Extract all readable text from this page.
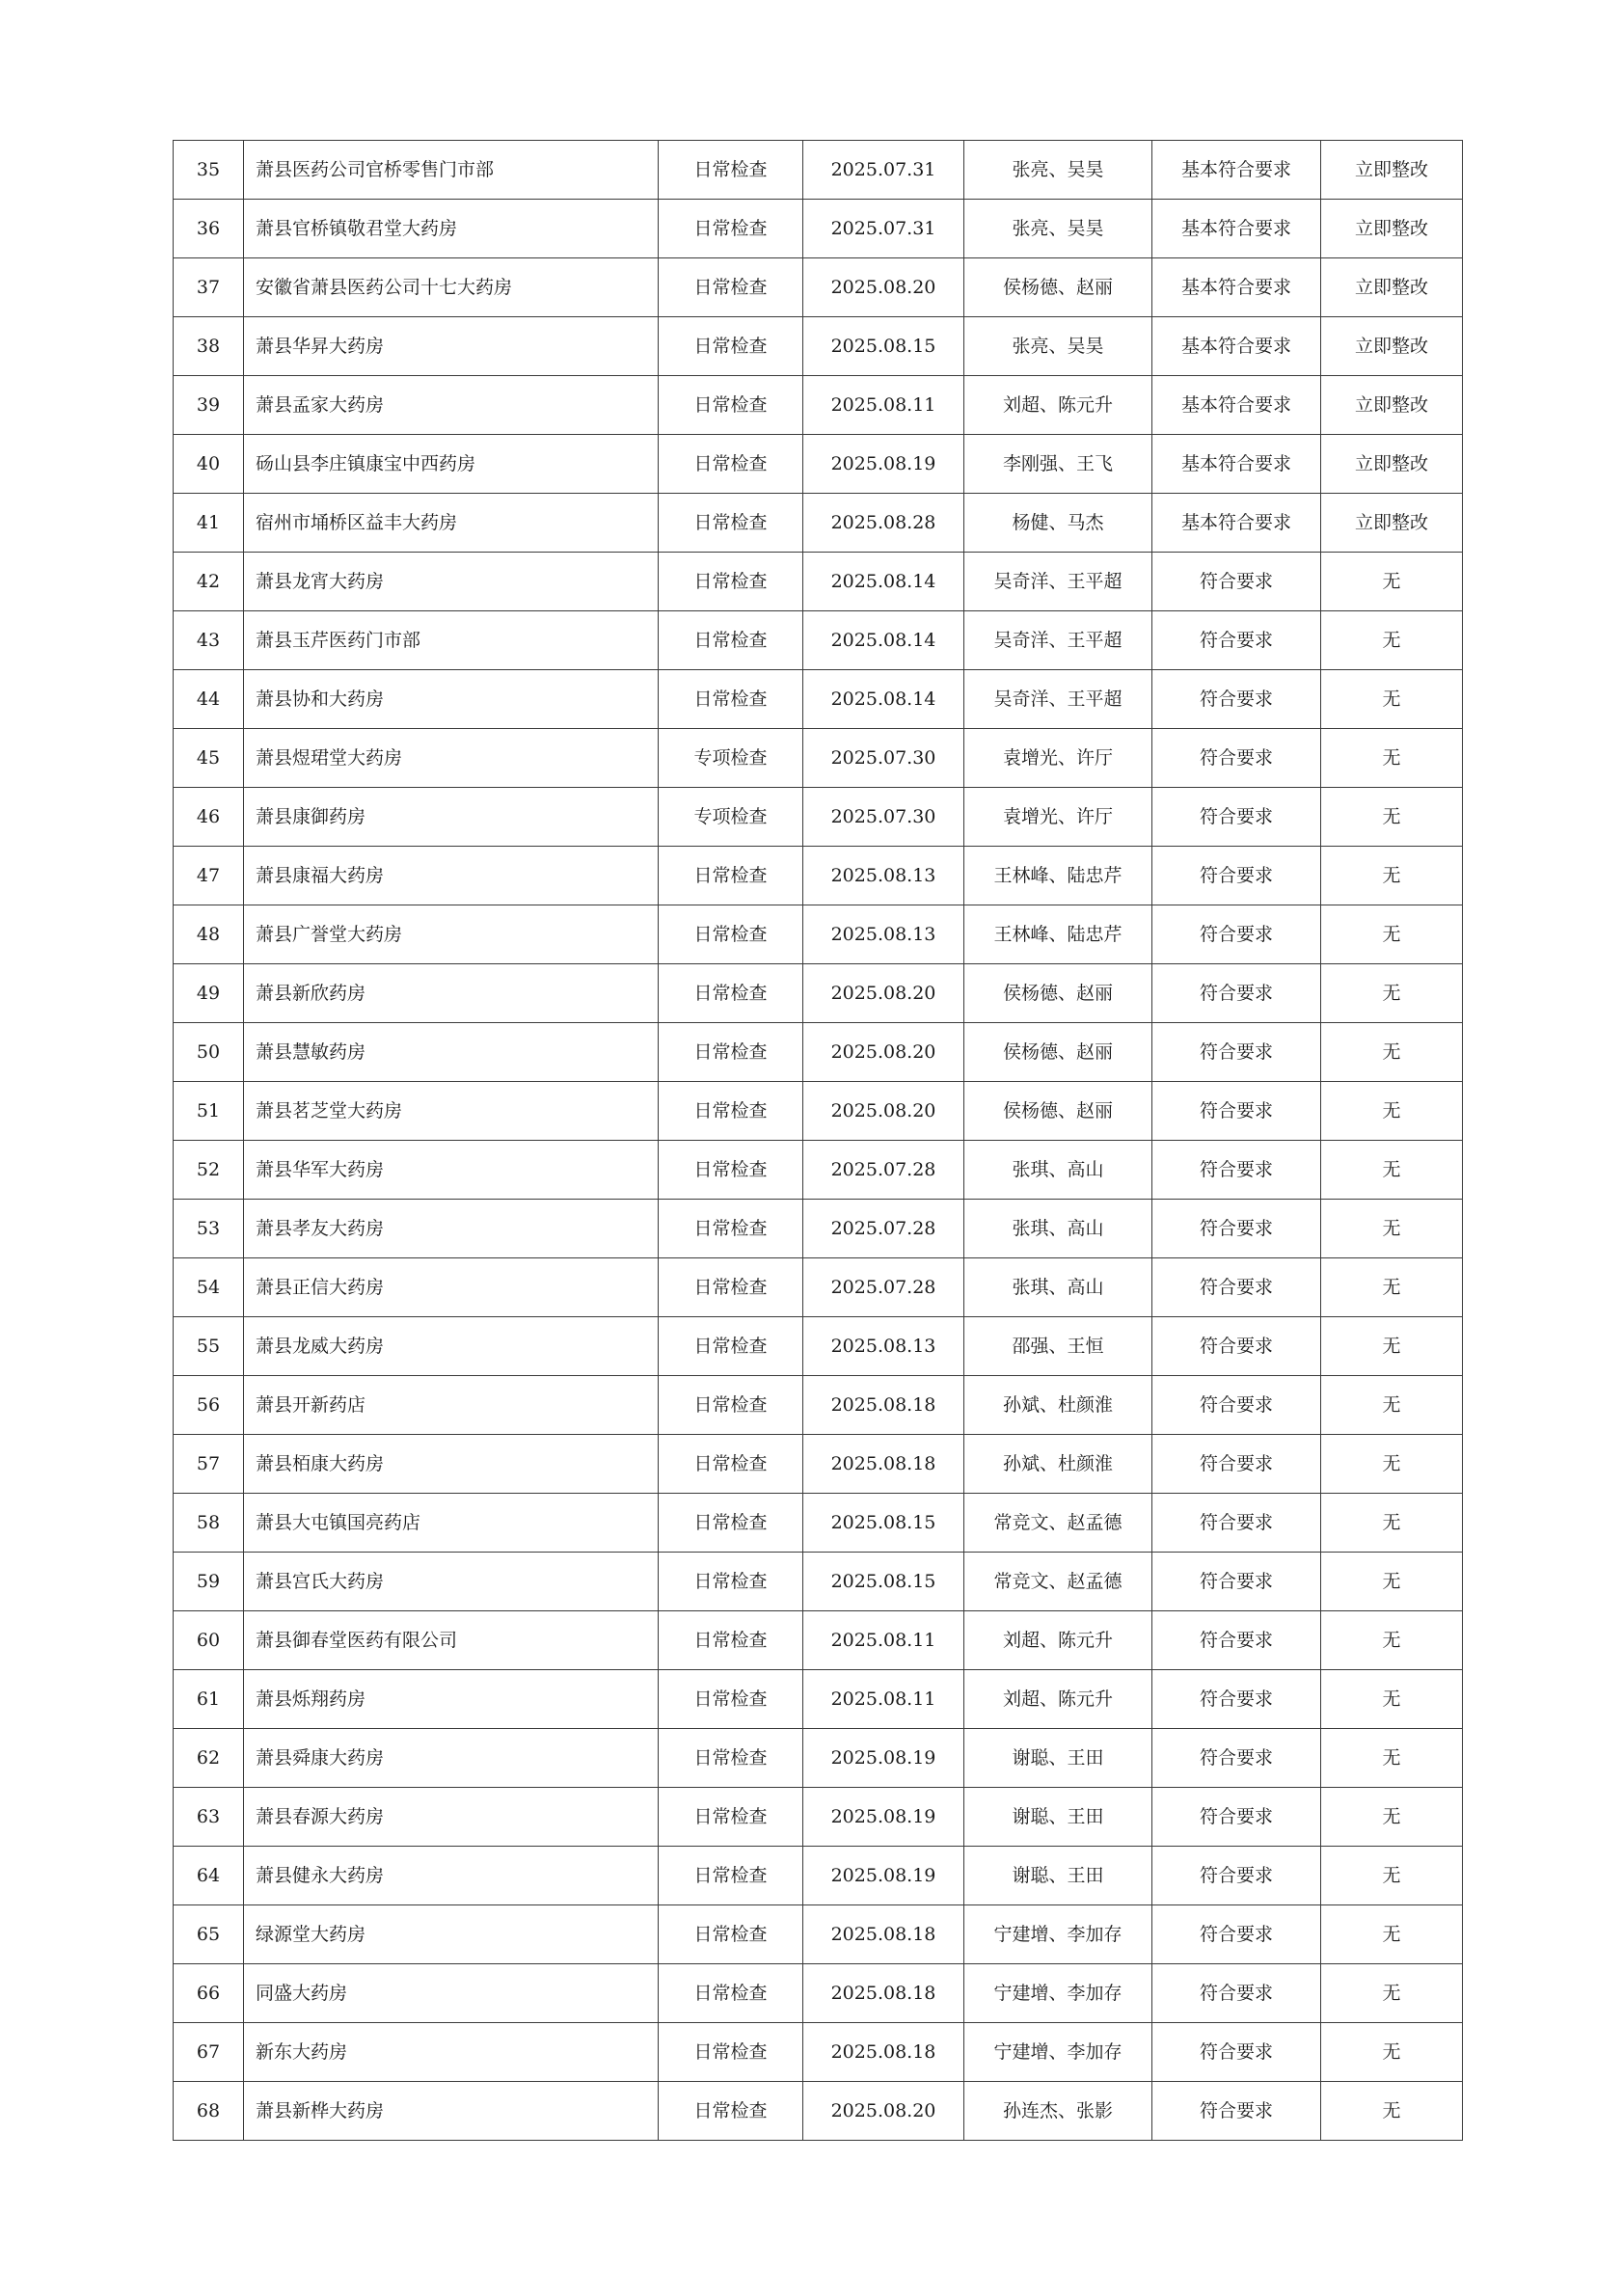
35	萧县医药公司官桥零售门市部	日常检查	2025.07.31	张亮、吴昊	基本符合要求	立即整改
36	萧县官桥镇敬君堂大药房	日常检查	2025.07.31	张亮、吴昊	基本符合要求	立即整改
37	安徽省萧县医药公司十七大药房	日常检查	2025.08.20	侯杨德、赵丽	基本符合要求	立即整改
38	萧县华昇大药房	日常检查	2025.08.15	张亮、吴昊	基本符合要求	立即整改
39	萧县孟家大药房	日常检查	2025.08.11	刘超、陈元升	基本符合要求	立即整改
40	砀山县李庄镇康宝中西药房	日常检查	2025.08.19	李刚强、王飞	基本符合要求	立即整改
41	宿州市埇桥区益丰大药房	日常检查	2025.08.28	杨健、马杰	基本符合要求	立即整改
42	萧县龙宵大药房	日常检查	2025.08.14	吴奇洋、王平超	符合要求	无
43	萧县玉芹医药门市部	日常检查	2025.08.14	吴奇洋、王平超	符合要求	无
44	萧县协和大药房	日常检查	2025.08.14	吴奇洋、王平超	符合要求	无
45	萧县煜珺堂大药房	专项检查	2025.07.30	袁增光、许厅	符合要求	无
46	萧县康御药房	专项检查	2025.07.30	袁增光、许厅	符合要求	无
47	萧县康福大药房	日常检查	2025.08.13	王林峰、陆忠芹	符合要求	无
48	萧县广誉堂大药房	日常检查	2025.08.13	王林峰、陆忠芹	符合要求	无
49	萧县新欣药房	日常检查	2025.08.20	侯杨德、赵丽	符合要求	无
50	萧县慧敏药房	日常检查	2025.08.20	侯杨德、赵丽	符合要求	无
51	萧县茗芝堂大药房	日常检查	2025.08.20	侯杨德、赵丽	符合要求	无
52	萧县华军大药房	日常检查	2025.07.28	张琪、高山	符合要求	无
53	萧县孝友大药房	日常检查	2025.07.28	张琪、高山	符合要求	无
54	萧县正信大药房	日常检查	2025.07.28	张琪、高山	符合要求	无
55	萧县龙威大药房	日常检查	2025.08.13	邵强、王恒	符合要求	无
56	萧县开新药店	日常检查	2025.08.18	孙斌、杜颜淮	符合要求	无
57	萧县栢康大药房	日常检查	2025.08.18	孙斌、杜颜淮	符合要求	无
58	萧县大屯镇国亮药店	日常检查	2025.08.15	常竞文、赵孟德	符合要求	无
59	萧县宫氏大药房	日常检查	2025.08.15	常竞文、赵孟德	符合要求	无
60	萧县御春堂医药有限公司	日常检查	2025.08.11	刘超、陈元升	符合要求	无
61	萧县烁翔药房	日常检查	2025.08.11	刘超、陈元升	符合要求	无
62	萧县舜康大药房	日常检查	2025.08.19	谢聪、王田	符合要求	无
63	萧县春源大药房	日常检查	2025.08.19	谢聪、王田	符合要求	无
64	萧县健永大药房	日常检查	2025.08.19	谢聪、王田	符合要求	无
65	绿源堂大药房	日常检查	2025.08.18	宁建增、李加存	符合要求	无
66	同盛大药房	日常检查	2025.08.18	宁建增、李加存	符合要求	无
67	新东大药房	日常检查	2025.08.18	宁建增、李加存	符合要求	无
68	萧县新桦大药房	日常检查	2025.08.20	孙连杰、张影	符合要求	无
